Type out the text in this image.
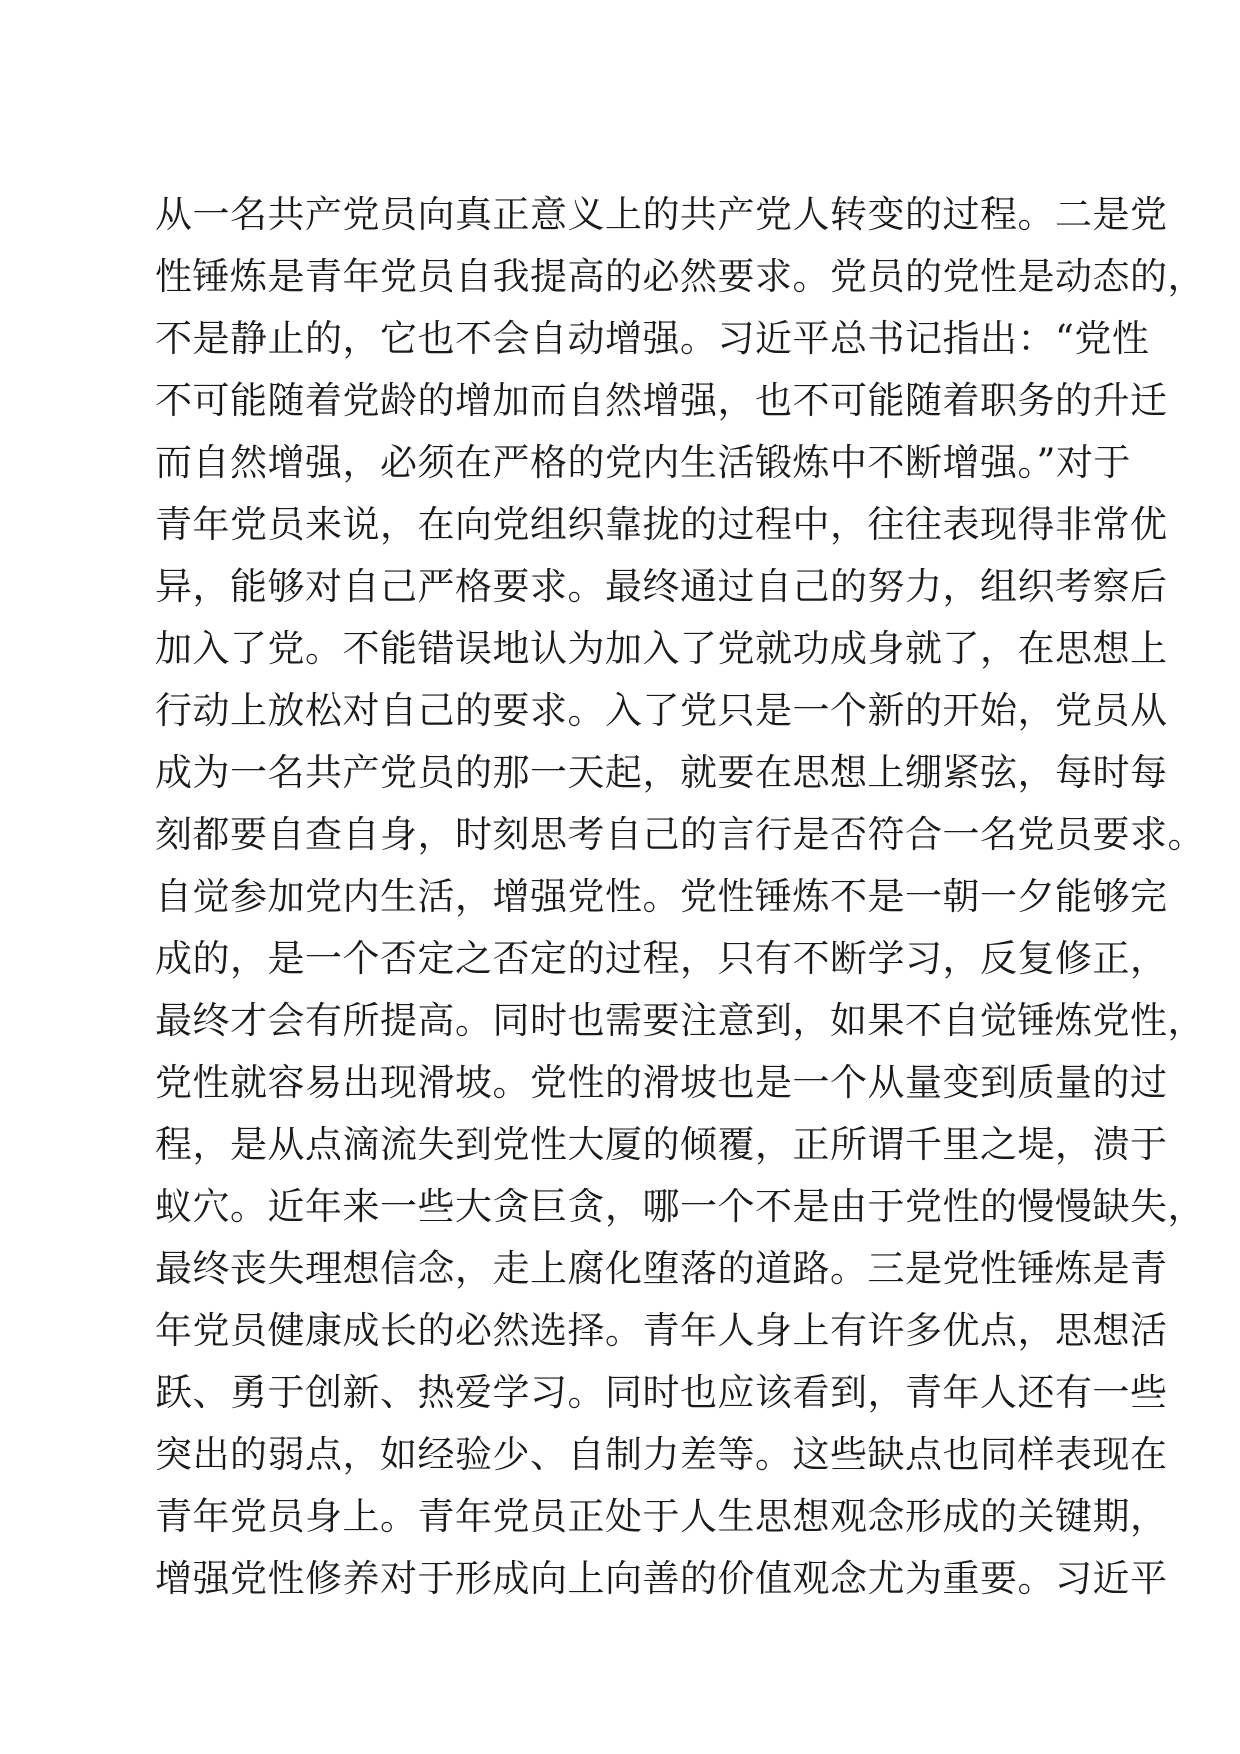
从一名共产党员向真正意义上的共产党人转变的过程。二是党
性锤炼是青年党员自我提高的必然要求。党员的党性是动态的，
不是静止的，它也不会自动增强。习近平总书记指出：“党性
不可能随着党龄的增加而自然增强，也不可能随着职务的升迁
而自然增强，必须在严格的党内生活锻炼中不断增强。”对于
青年党员来说，在向党组织靠拢的过程中，往往表现得非常优
异，能够对自己严格要求。最终通过自己的努力，组织考察后
加入了党。不能错误地认为加入了党就功成身就了，在思想上
行动上放松对自己的要求。入了党只是一个新的开始，党员从
成为一名共产党员的那一天起，就要在思想上绷紧弦，每时每
刻都要自查自身，时刻思考自己的言行是否符合一名党员要求。
自觉参加党内生活，增强党性。党性锤炼不是一朝一夕能够完
成的，是一个否定之否定的过程，只有不断学习，反复修正，
最终才会有所提高。同时也需要注意到，如果不自觉锤炼党性，
党性就容易出现滑坡。党性的滑坡也是一个从量变到质量的过
程，是从点滴流失到党性大厦的倾覆，正所谓千里之堤，溃于
蚁穴。近年来一些大贪巨贪，哪一个不是由于党性的慢慢缺失，
最终丧失理想信念，走上腐化堕落的道路。三是党性锤炼是青
年党员健康成长的必然选择。青年人身上有许多优点，思想活
跃、勇于创新、热爱学习。同时也应该看到，青年人还有一些
突出的弱点，如经验少、自制力差等。这些缺点也同样表现在
青年党员身上。青年党员正处于人生思想观念形成的关键期，
增强党性修养对于形成向上向善的价值观念尤为重要。习近平
